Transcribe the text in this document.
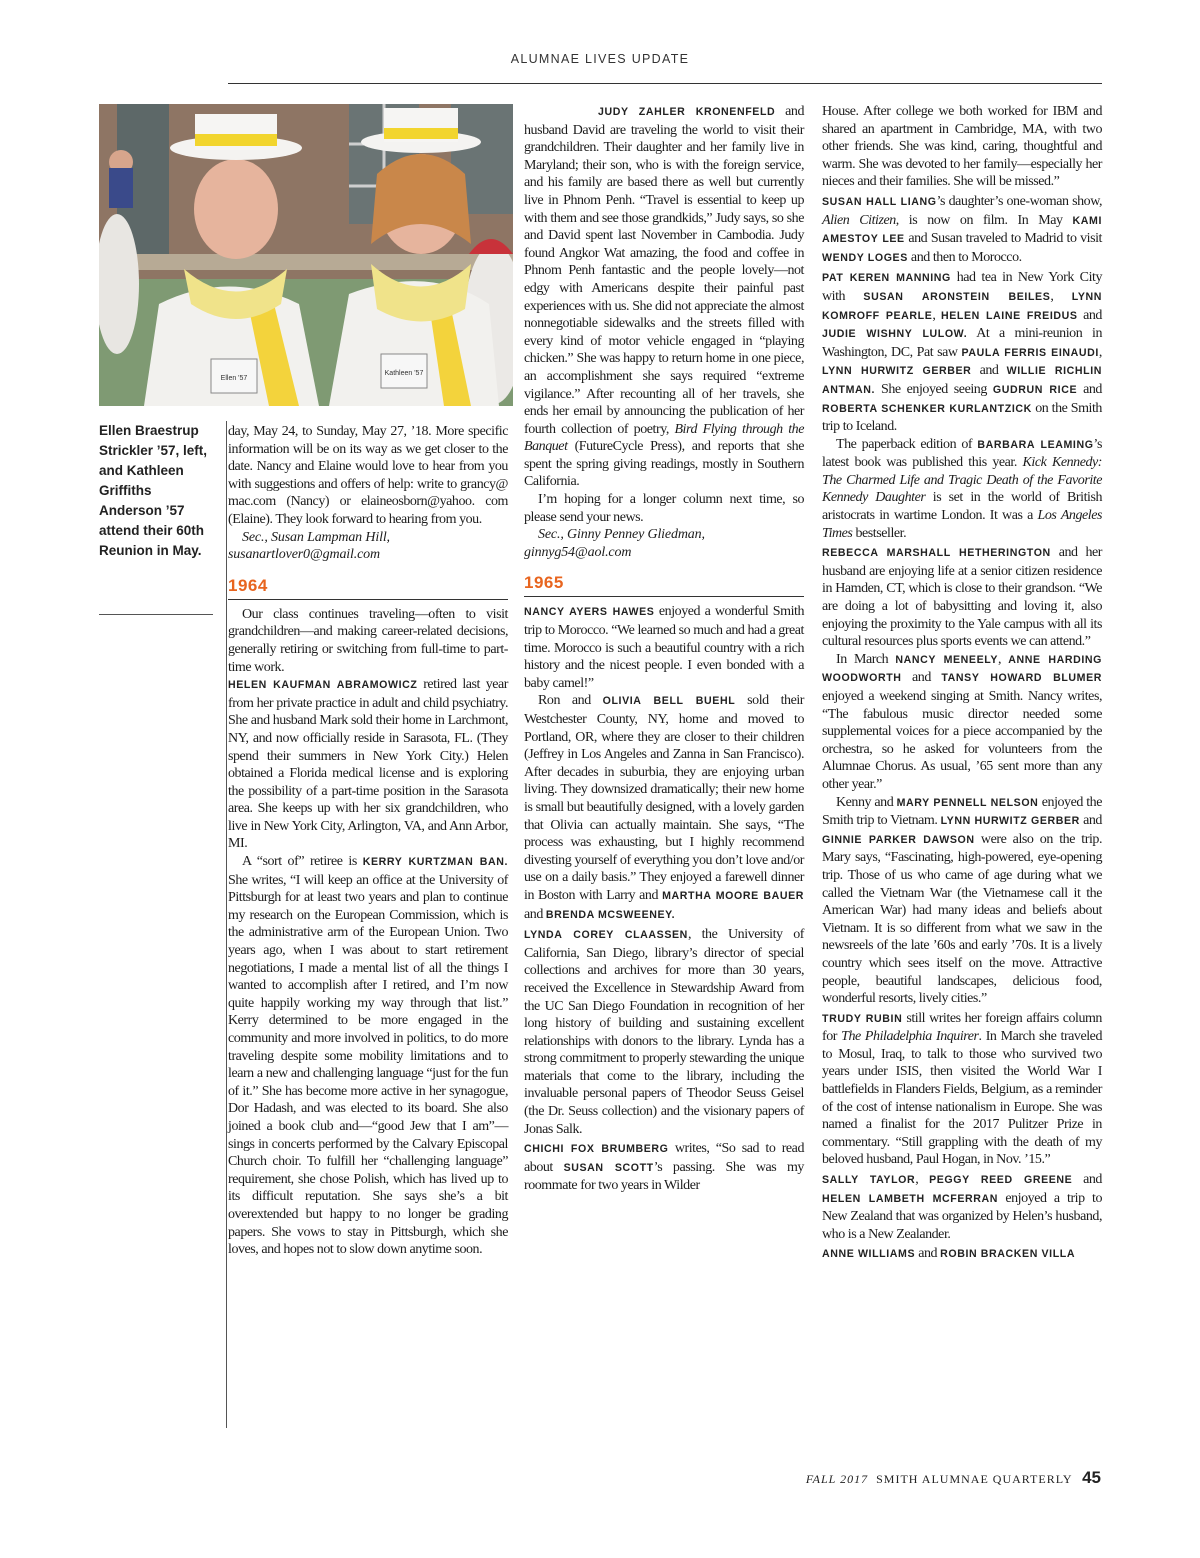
ALUMNAE LIVES UPDATE
Ellen '57
Kathleen '57
Ellen Braestrup Strickler ’57, left, and Kathleen Griffiths Anderson ’57 attend their 60th Reunion in May.

day, May 24, to Sunday, May 27, ’18. More specific information will be on its way as we get closer to the date. Nancy and Elaine would love to hear from you with suggestions and offers of help: write to grancy@ mac.com (Nancy) or elaineosborn@yahoo. com (Elaine). They look forward to hearing from you.

Sec., Susan Lampman Hill,

susanartlover0@gmail.com

1964

Our class continues traveling—often to visit grandchildren—and making career-related decisions, generally retiring or switching from full-time to part-time work.

HELEN KAUFMAN ABRAMOWICZ retired last year from her private practice in adult and child psychiatry. She and husband Mark sold their home in Larchmont, NY, and now officially reside in Sarasota, FL. (They spend their summers in New York City.) Helen obtained a Florida medical license and is exploring the possibility of a part-time position in the Sarasota area. She keeps up with her six grandchildren, who live in New York City, Arlington, VA, and Ann Arbor, MI.

A “sort of” retiree is KERRY KURTZMAN BAN. She writes, “I will keep an office at the University of Pittsburgh for at least two years and plan to continue my research on the European Commission, which is the administrative arm of the European Union. Two years ago, when I was about to start retirement negotiations, I made a mental list of all the things I wanted to accomplish after I retired, and I’m now quite happily working my way through that list.” Kerry determined to be more engaged in the community and more involved in politics, to do more traveling despite some mobility limitations and to learn a new and challenging language “just for the fun of it.” She has become more active in her synagogue, Dor Hadash, and was elected to its board. She also joined a book club and—“good Jew that I am”—sings in concerts performed by the Calvary Episcopal Church choir. To fulfill her “challenging language” requirement, she chose Polish, which has lived up to its difficult reputation. She says she’s a bit overextended but happy to no longer be grading papers. She vows to stay in Pittsburgh, which she loves, and hopes not to slow down anytime soon.

JUDY ZAHLER KRONENFELD and husband David are traveling the world to visit their grandchildren. Their daughter and her family live in Maryland; their son, who is with the foreign service, and his family are based there as well but currently live in Phnom Penh. “Travel is essential to keep up with them and see those grandkids,” Judy says, so she and David spent last November in Cambodia. Judy found Angkor Wat amazing, the food and coffee in Phnom Penh fantastic and the people lovely—not edgy with Americans despite their painful past experiences with us. She did not appreciate the almost nonnegotiable sidewalks and the streets filled with every kind of motor vehicle engaged in “playing chicken.” She was happy to return home in one piece, an accomplishment she says required “extreme vigilance.” After recounting all of her travels, she ends her email by announcing the publication of her fourth collection of poetry, Bird Flying through the Banquet (FutureCycle Press), and reports that she spent the spring giving readings, mostly in Southern California.

I’m hoping for a longer column next time, so please send your news.

Sec., Ginny Penney Gliedman,

ginnyg54@aol.com

1965

NANCY AYERS HAWES enjoyed a wonderful Smith trip to Morocco. “We learned so much and had a great time. Morocco is such a beautiful country with a rich history and the nicest people. I even bonded with a baby camel!”

Ron and OLIVIA BELL BUEHL sold their Westchester County, NY, home and moved to Portland, OR, where they are closer to their children (Jeffrey in Los Angeles and Zanna in San Francisco). After decades in suburbia, they are enjoying urban living. They downsized dramatically; their new home is small but beautifully designed, with a lovely garden that Olivia can actually maintain. She says, “The process was exhausting, but I highly recommend divesting yourself of everything you don’t love and/or use on a daily basis.” They enjoyed a farewell dinner in Boston with Larry and MARTHA MOORE BAUER and BRENDA MCSWEENEY.

LYNDA COREY CLAASSEN, the University of California, San Diego, library’s director of special collections and archives for more than 30 years, received the Excellence in Stewardship Award from the UC San Diego Foundation in recognition of her long history of building and sustaining excellent relationships with donors to the library. Lynda has a strong commitment to properly stewarding the unique materials that come to the library, including the invaluable personal papers of Theodor Seuss Geisel (the Dr. Seuss collection) and the visionary papers of Jonas Salk.

CHICHI FOX BRUMBERG writes, “So sad to read about SUSAN SCOTT’s passing. She was my roommate for two years in Wilder

House. After college we both worked for IBM and shared an apartment in Cambridge, MA, with two other friends. She was kind, caring, thoughtful and warm. She was devoted to her family—especially her nieces and their families. She will be missed.”

SUSAN HALL LIANG’s daughter’s one-woman show, Alien Citizen, is now on film. In May KAMI AMESTOY LEE and Susan traveled to Madrid to visit WENDY LOGES and then to Morocco.

PAT KEREN MANNING had tea in New York City with SUSAN ARONSTEIN BEILES, LYNN KOMROFF PEARLE, HELEN LAINE FREIDUS and JUDIE WISHNY LULOW. At a mini-reunion in Washington, DC, Pat saw PAULA FERRIS EINAUDI, LYNN HURWITZ GERBER and WILLIE RICHLIN ANTMAN. She enjoyed seeing GUDRUN RICE and ROBERTA SCHENKER KURLANTZICK on the Smith trip to Iceland.

The paperback edition of BARBARA LEAMING’s latest book was published this year. Kick Kennedy: The Charmed Life and Tragic Death of the Favorite Kennedy Daughter is set in the world of British aristocrats in wartime London. It was a Los Angeles Times bestseller.

REBECCA MARSHALL HETHERINGTON and her husband are enjoying life at a senior citizen residence in Hamden, CT, which is close to their grandson. “We are doing a lot of babysitting and loving it, also enjoying the proximity to the Yale campus with all its cultural resources plus sports events we can attend.”

In March NANCY MENEELY, ANNE HARDING WOODWORTH and TANSY HOWARD BLUMER enjoyed a weekend singing at Smith. Nancy writes, “The fabulous music director needed some supplemental voices for a piece accompanied by the orchestra, so he asked for volunteers from the Alumnae Chorus. As usual, ’65 sent more than any other year.”

Kenny and MARY PENNELL NELSON enjoyed the Smith trip to Vietnam. LYNN HURWITZ GERBER and GINNIE PARKER DAWSON were also on the trip. Mary says, “Fascinating, high-powered, eye-opening trip. Those of us who came of age during what we called the Vietnam War (the Vietnamese call it the American War) had many ideas and beliefs about Vietnam. It is so different from what we saw in the newsreels of the late ’60s and early ’70s. It is a lively country which sees itself on the move. Attractive people, beautiful landscapes, delicious food, wonderful resorts, lively cities.”

TRUDY RUBIN still writes her foreign affairs column for The Philadelphia Inquirer. In March she traveled to Mosul, Iraq, to talk to those who survived two years under ISIS, then visited the World War I battlefields in Flanders Fields, Belgium, as a reminder of the cost of intense nationalism in Europe. She was named a finalist for the 2017 Pulitzer Prize in commentary. “Still grappling with the death of my beloved husband, Paul Hogan, in Nov. ’15.”

SALLY TAYLOR, PEGGY REED GREENE and HELEN LAMBETH MCFERRAN enjoyed a trip to New Zealand that was organized by Helen’s husband, who is a New Zealander.

ANNE WILLIAMS and ROBIN BRACKEN VILLA

FALL 2017 SMITH ALUMNAE QUARTERLY 45
